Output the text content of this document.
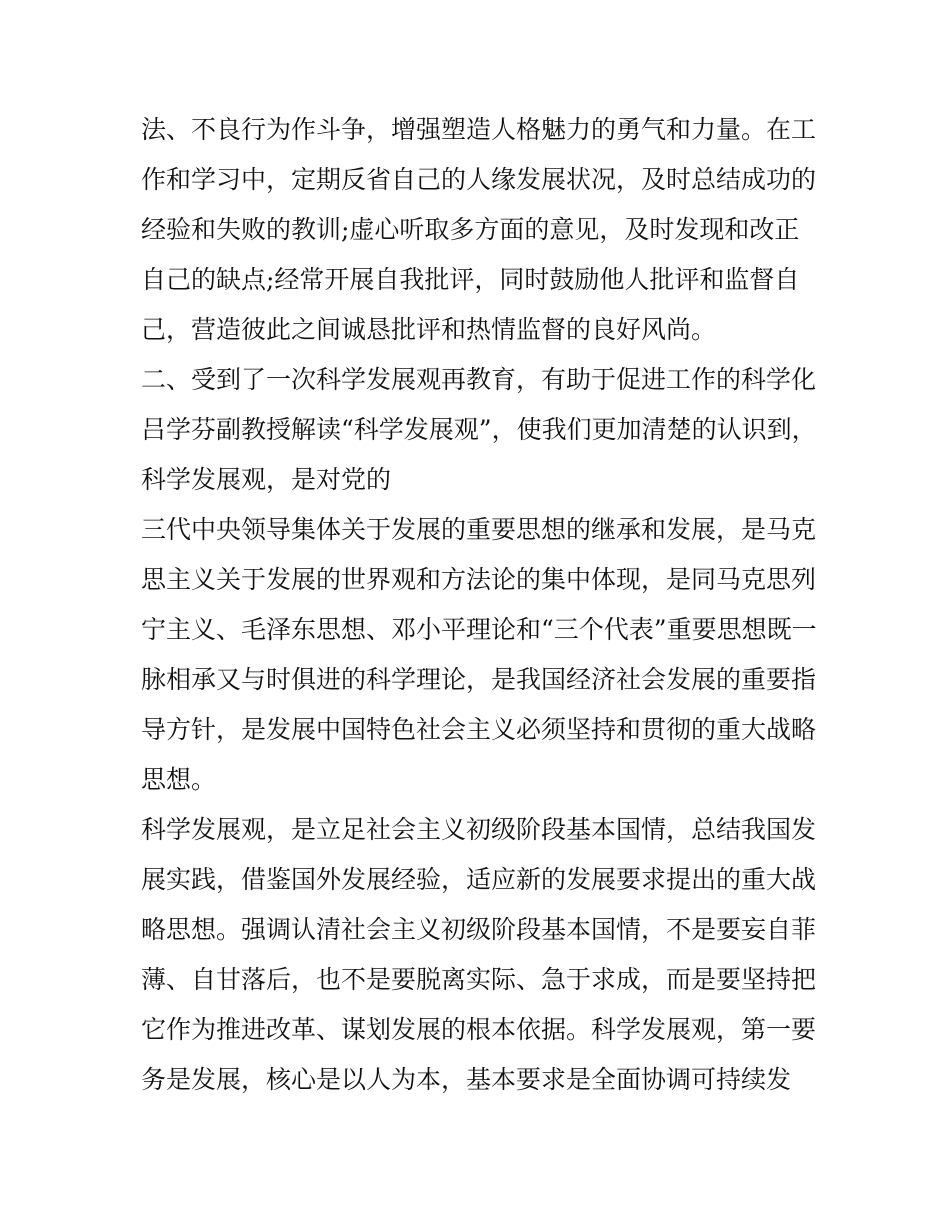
法、不良行为作斗争，增强塑造人格魅力的勇气和力量。在工
作和学习中，定期反省自己的人缘发展状况，及时总结成功的
经验和失败的教训;虚心听取多方面的意见，及时发现和改正
自己的缺点;经常开展自我批评，同时鼓励他人批评和监督自
己，营造彼此之间诚恳批评和热情监督的良好风尚。
二、受到了一次科学发展观再教育，有助于促进工作的科学化
吕学芬副教授解读“科学发展观”，使我们更加清楚的认识到，
科学发展观，是对党的
三代中央领导集体关于发展的重要思想的继承和发展，是马克
思主义关于发展的世界观和方法论的集中体现，是同马克思列
宁主义、毛泽东思想、邓小平理论和“三个代表”重要思想既一
脉相承又与时俱进的科学理论，是我国经济社会发展的重要指
导方针，是发展中国特色社会主义必须坚持和贯彻的重大战略
思想。
科学发展观，是立足社会主义初级阶段基本国情，总结我国发
展实践，借鉴国外发展经验，适应新的发展要求提出的重大战
略思想。强调认清社会主义初级阶段基本国情，不是要妄自菲
薄、自甘落后，也不是要脱离实际、急于求成，而是要坚持把
它作为推进改革、谋划发展的根本依据。科学发展观，第一要
务是发展，核心是以人为本，基本要求是全面协调可持续发
